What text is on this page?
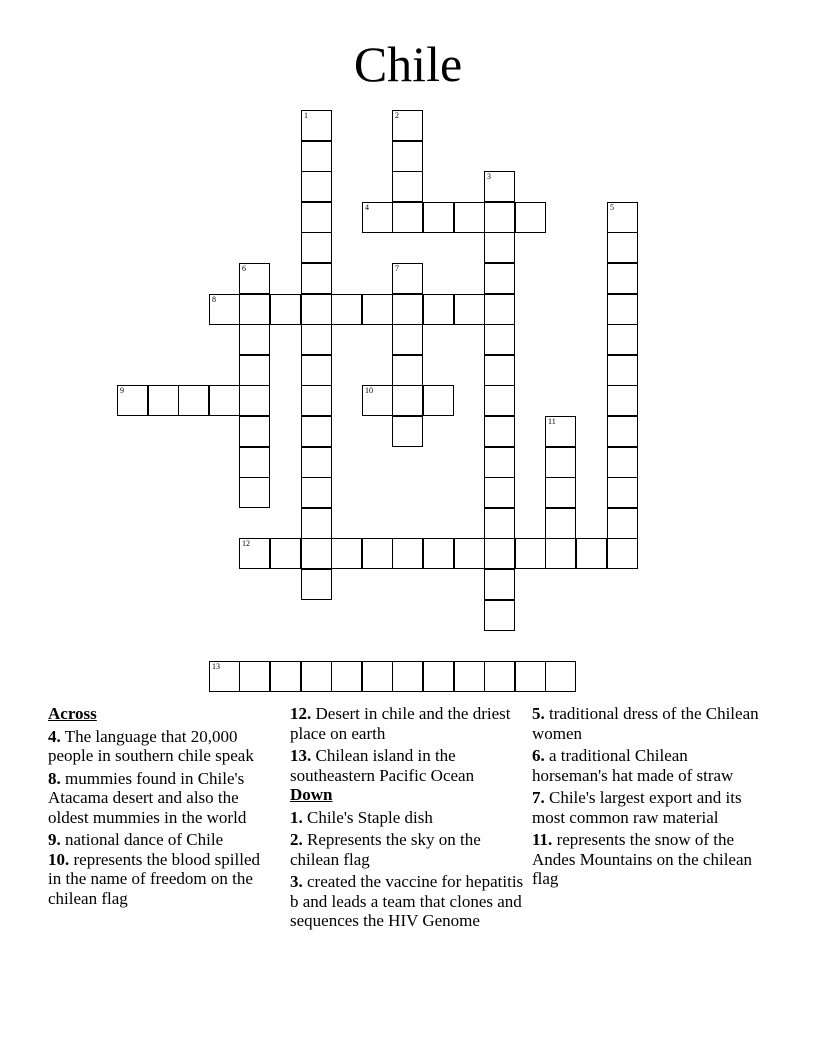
Chile
1	2
3
4	5
6	7
8
9	10
11
12
13
Across
4. The language that 20,000 people in southern chile speak
8. mummies found in Chile's Atacama desert and also the oldest mummies in the world
9. national dance of Chile
10. represents the blood spilled in the name of freedom on the chilean flag
12. Desert in chile and the driest place on earth
13. Chilean island in the southeastern Pacific Ocean
Down
1. Chile's Staple dish
2. Represents the sky on the chilean flag
3. created the vaccine for hepatitis b and leads a team that clones and sequences the HIV Genome
5. traditional dress of the Chilean women
6. a traditional Chilean horseman's hat made of straw
7. Chile's largest export and its most common raw material
11. represents the snow of the Andes Mountains on the chilean flag
